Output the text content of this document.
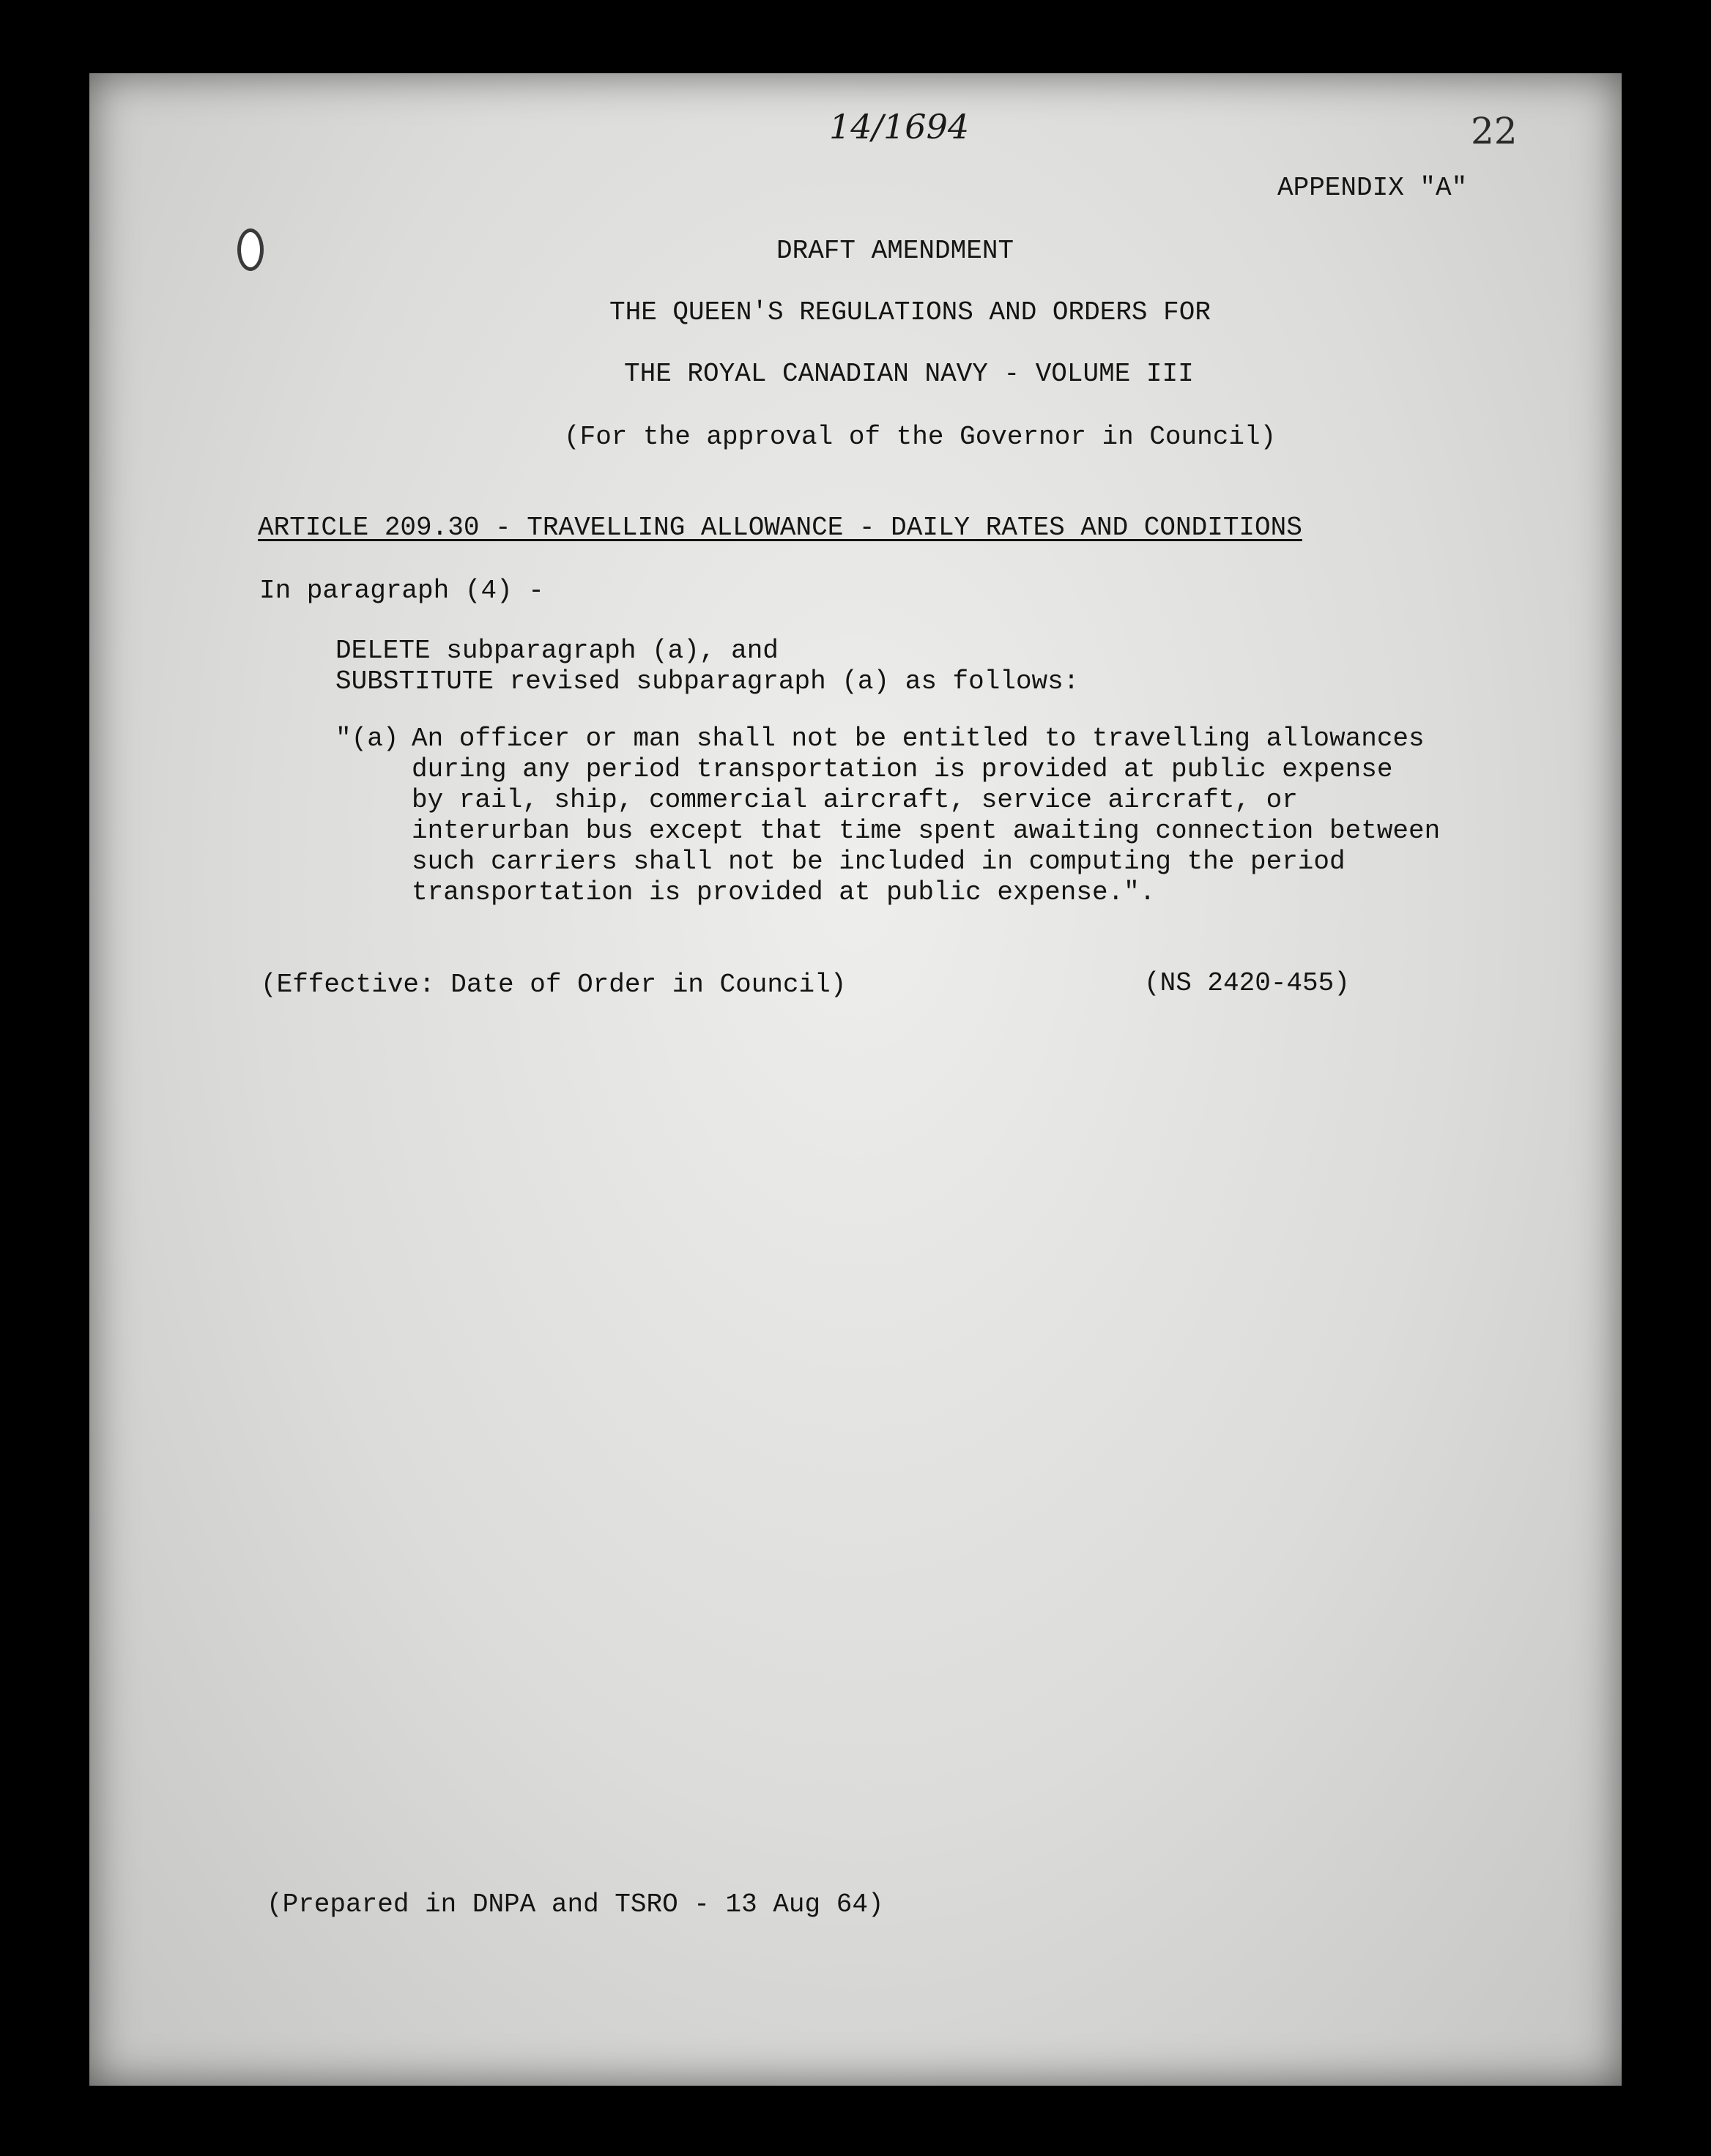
14/1694	22

APPENDIX "A"

DRAFT AMENDMENT

THE QUEEN'S REGULATIONS AND ORDERS FOR

THE ROYAL CANADIAN NAVY - VOLUME III

(For the approval of the Governor in Council)

ARTICLE 209.30 - TRAVELLING ALLOWANCE - DAILY RATES AND CONDITIONS

In paragraph (4) -

DELETE subparagraph (a), and

SUBSTITUTE revised subparagraph (a) as follows:

"(a) An officer or man shall not be entitled to travelling allowances
during any period transportation is provided at public expense
by rail, ship, commercial aircraft, service aircraft, or
interurban bus except that time spent awaiting connection between
such carriers shall not be included in computing the period
transportation is provided at public expense.".

(Effective: Date of Order in Council)	(NS 2420-455)

(Prepared in DNPA and TSRO - 13 Aug 64)
